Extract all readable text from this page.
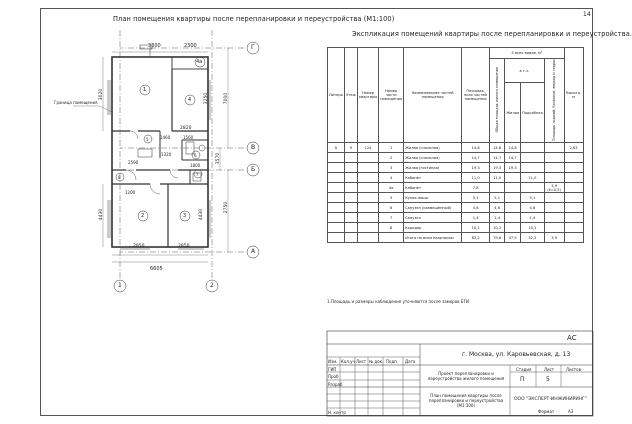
14
План помещения квартиры после перепланировки и переустройства (М1:100)
Экспликация помещений квартиры после перепланировки и переустройства.
3300	2300
3020
4430
7000
2750
3570
2820
3250
2950	2850
6605
2590
1800
1320
1460	1560
1200
4430
1
2	3
4
4а
5
6
7
8
Граница помещения
Г
В
Б
А
1	2
Литера	Этаж	Номер квартиры	Номер части помещения	Наименование частей помещения	Площадь, всех частей помещения	S всех видов, м²				Высота, м
						Общая площадь жилого помещения	в т.ч.		Площадь лоджий, балконов, веранд и террас	
							Жилая	Подсобная		
А	9	124	1	Жилая (спальная)	14,8	14,8	14,8			2,65
			2	Жилая (спальная)	14,7	14,7	14,7			
			3	Жилая (гостиная)	19,3	19,3	19,3			
			4	Кабинет	11,0	11,0		11,0		
			4а	Кабинет	7,8				3,9 (k=0,5)	
			5	Кухня-ниша	5,1	5,1		5,1		
			6	Санузел (совмещённый)	4,6	4,6		4,6		
			7	Санузел	1,4	1,4		1,4		
			8	Коридор	10,1	10,1		10,1		
				Итого по всем квартирам	83,2	79,6	47,5	32,2	3,9	
1.Площадь и размеры наблюдения уточняются после замеров БТИ
АС
г. Москва, ул. Каровьевская, д. 13
Проект перепланировки и переустройства жилого помещения
Стадия	Лист	Листов
П	5
План помещения квартиры после перепланировки и переустройства (М1:100)
ООО "ЭКСПЕРТ-ИНЖИНИРИНГ"
Формат	А3
Изм. Кол.уч Лист № док. Подп. Дата
ГИП
Проб
Разраб
Н. контр
